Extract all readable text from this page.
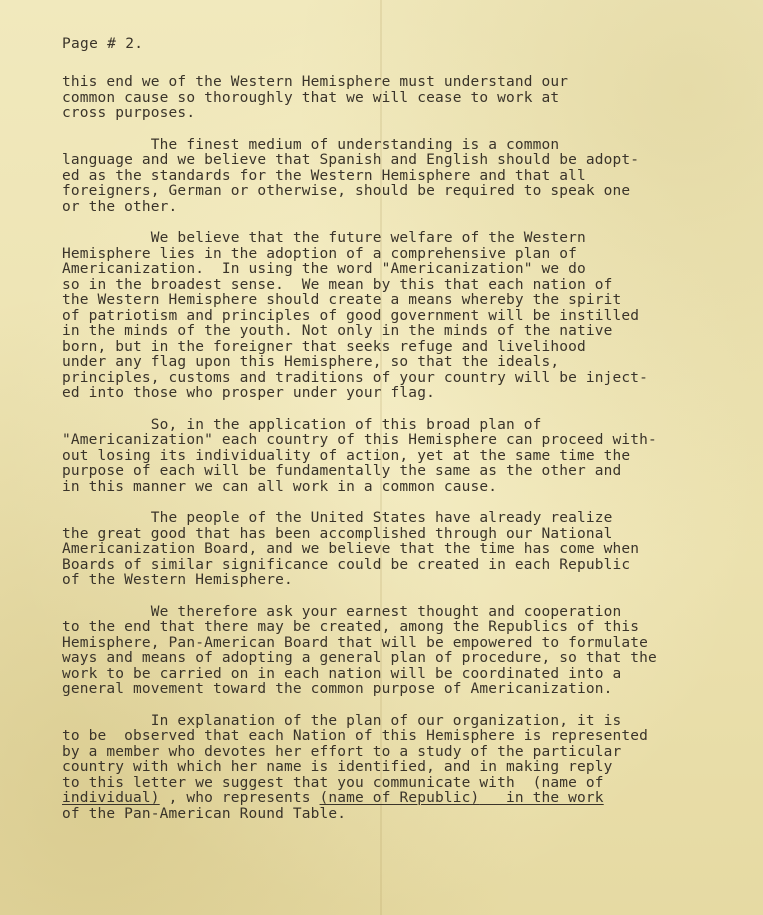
Page # 2.
this end we of the Western Hemisphere must understand our
common cause so thoroughly that we will cease to work at
cross purposes.
The finest medium of understanding is a common
language and we believe that Spanish and English should be adopt-
ed as the standards for the Western Hemisphere and that all
foreigners, German or otherwise, should be required to speak one
or the other.
We believe that the future welfare of the Western
Hemisphere lies in the adoption of a comprehensive plan of
Americanization.  In using the word "Americanization" we do
so in the broadest sense.  We mean by this that each nation of
the Western Hemisphere should create a means whereby the spirit
of patriotism and principles of good government will be instilled
in the minds of the youth. Not only in the minds of the native
born, but in the foreigner that seeks refuge and livelihood
under any flag upon this Hemisphere, so that the ideals,
principles, customs and traditions of your country will be inject-
ed into those who prosper under your flag.
So, in the application of this broad plan of
"Americanization" each country of this Hemisphere can proceed with-
out losing its individuality of action, yet at the same time the
purpose of each will be fundamentally the same as the other and
in this manner we can all work in a common cause.
The people of the United States have already realize
the great good that has been accomplished through our National
Americanization Board, and we believe that the time has come when
Boards of similar significance could be created in each Republic
of the Western Hemisphere.
We therefore ask your earnest thought and cooperation
to the end that there may be created, among the Republics of this
Hemisphere, Pan-American Board that will be empowered to formulate
ways and means of adopting a general plan of procedure, so that the
work to be carried on in each nation will be coordinated into a
general movement toward the common purpose of Americanization.
In explanation of the plan of our organization, it is
to be  observed that each Nation of this Hemisphere is represented
by a member who devotes her effort to a study of the particular
country with which her name is identified, and in making reply
to this letter we suggest that you communicate with  (name of
individual) , who represents (name of Republic)   in the work
of the Pan-American Round Table.
